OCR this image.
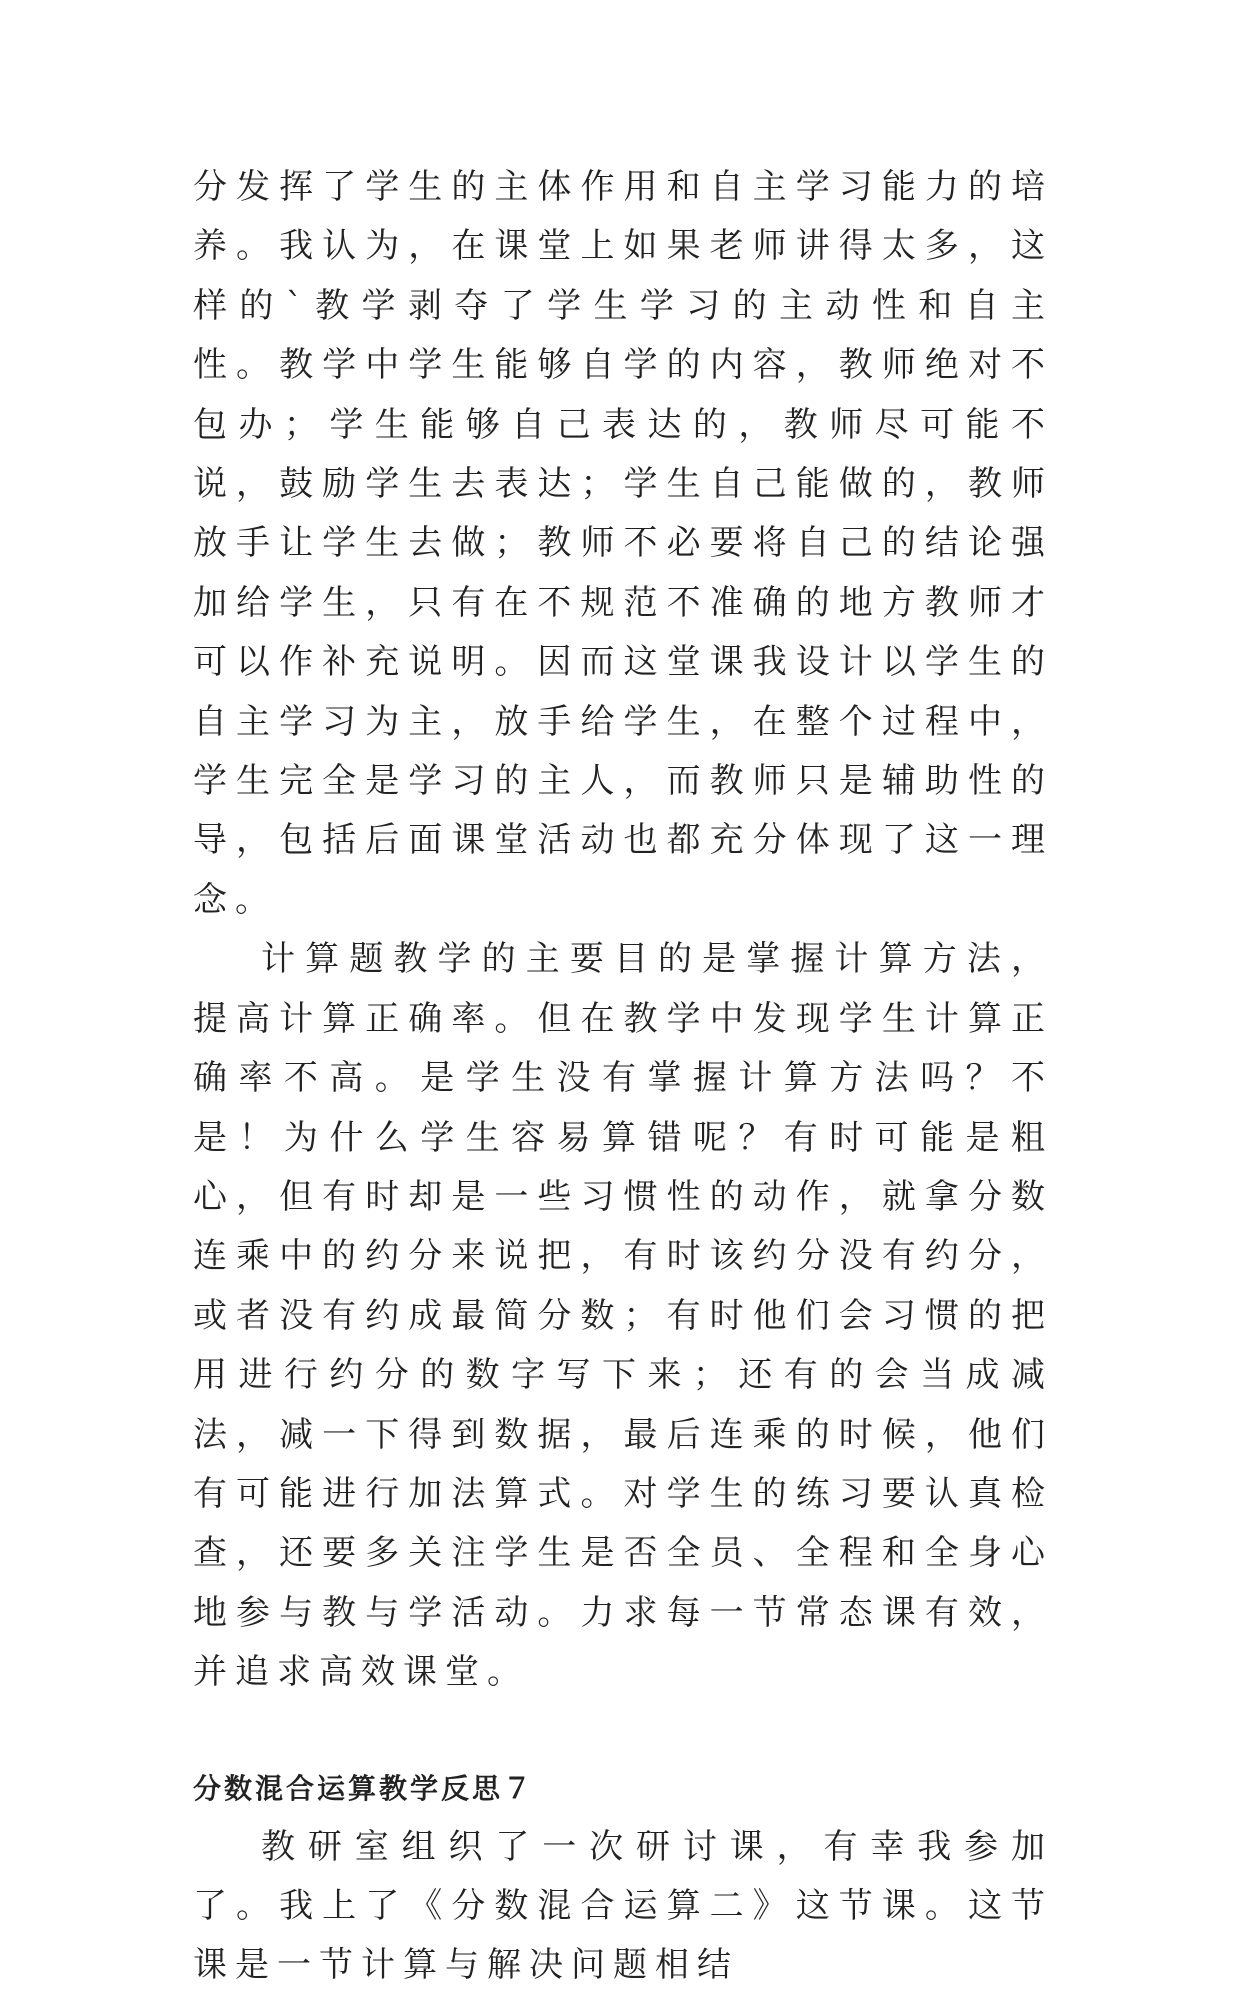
分发挥了学生的主体作用和自主学习能力的培养。我认为，在课堂上如果老师讲得太多，这样的`教学剥夺了学生学习的主动性和自主性。教学中学生能够自学的内容，教师绝对不包办；学生能够自己表达的，教师尽可能不说，鼓励学生去表达；学生自己能做的，教师放手让学生去做；教师不必要将自己的结论强加给学生，只有在不规范不准确的地方教师才可以作补充说明。因而这堂课我设计以学生的自主学习为主，放手给学生，在整个过程中，学生完全是学习的主人，而教师只是辅助性的导，包括后面课堂活动也都充分体现了这一理念。

计算题教学的主要目的是掌握计算方法，提高计算正确率。但在教学中发现学生计算正确率不高。是学生没有掌握计算方法吗？不是！为什么学生容易算错呢？有时可能是粗心，但有时却是一些习惯性的动作，就拿分数连乘中的约分来说把，有时该约分没有约分，或者没有约成最简分数；有时他们会习惯的把用进行约分的数字写下来；还有的会当成减法，减一下得到数据，最后连乘的时候，他们有可能进行加法算式。对学生的练习要认真检查，还要多关注学生是否全员、全程和全身心地参与教与学活动。力求每一节常态课有效，并追求高效课堂。

分数混合运算教学反思７

教研室组织了一次研讨课，有幸我参加了。我上了《分数混合运算二》这节课。这节课是一节计算与解决问题相结
